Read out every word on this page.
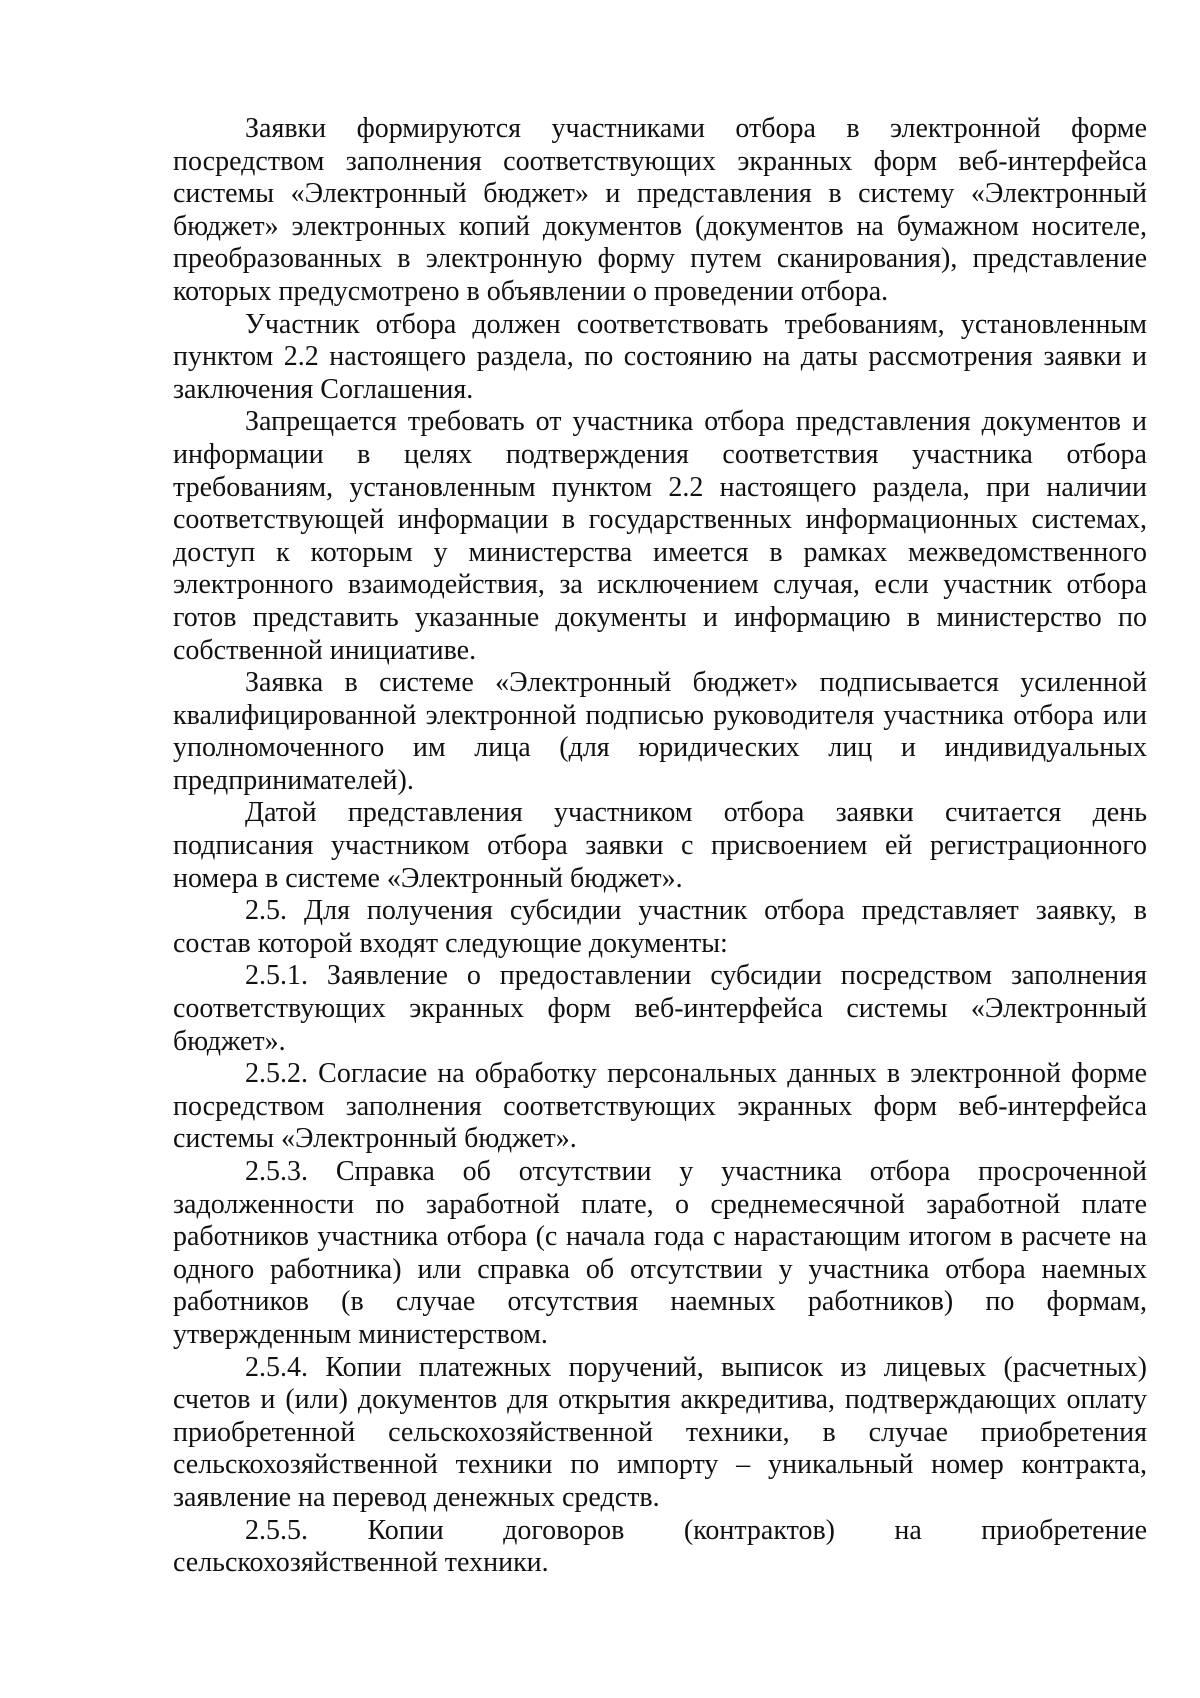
Заявки формируются участниками отбора в электронной форме посредством заполнения соответствующих экранных форм веб-интерфейса системы «Электронный бюджет» и представления в систему «Электронный бюджет» электронных копий документов (документов на бумажном носителе, преобразованных в электронную форму путем сканирования), представление которых предусмотрено в объявлении о проведении отбора.

Участник отбора должен соответствовать требованиям, установленным пунктом 2.2 настоящего раздела, по состоянию на даты рассмотрения заявки и заключения Соглашения.

Запрещается требовать от участника отбора представления документов и информации в целях подтверждения соответствия участника отбора требованиям, установленным пунктом 2.2 настоящего раздела, при наличии соответствующей информации в государственных информационных системах, доступ к которым у министерства имеется в рамках межведомственного электронного взаимодействия, за исключением случая, если участник отбора готов представить указанные документы и информацию в министерство по собственной инициативе.

Заявка в системе «Электронный бюджет» подписывается усиленной квалифицированной электронной подписью руководителя участника отбора или уполномоченного им лица (для юридических лиц и индивидуальных предпринимателей).

Датой представления участником отбора заявки считается день подписания участником отбора заявки с присвоением ей регистрационного номера в системе «Электронный бюджет».

2.5. Для получения субсидии участник отбора представляет заявку, в состав которой входят следующие документы:

2.5.1. Заявление о предоставлении субсидии посредством заполнения соответствующих экранных форм веб-интерфейса системы «Электронный бюджет».

2.5.2. Согласие на обработку персональных данных в электронной форме посредством заполнения соответствующих экранных форм веб-интерфейса системы «Электронный бюджет».

2.5.3. Справка об отсутствии у участника отбора просроченной задолженности по заработной плате, о среднемесячной заработной плате работников участника отбора (с начала года с нарастающим итогом в расчете на одного работника) или справка об отсутствии у участника отбора наемных работников (в случае отсутствия наемных работников) по формам, утвержденным министерством.

2.5.4. Копии платежных поручений, выписок из лицевых (расчетных) счетов и (или) документов для открытия аккредитива, подтверждающих оплату приобретенной сельскохозяйственной техники, в случае приобретения сельскохозяйственной техники по импорту – уникальный номер контракта, заявление на перевод денежных средств.

2.5.5. Копии договоров (контрактов) на приобретение сельскохозяйственной техники.
